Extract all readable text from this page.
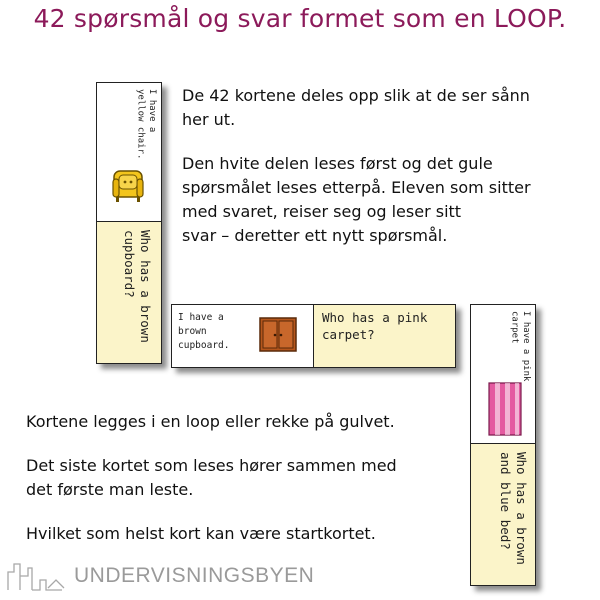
42 spørsmål og svar formet som en LOOP.
I have a
yellow chair.
Who has a brown
cupboard?
De 42 kortene deles opp slik at de ser sånn
her ut.
Den hvite delen leses først og det gule
spørsmålet leses etterpå. Eleven som sitter
med svaret, reiser seg og leser sitt
svar – deretter ett nytt spørsmål.
I have a
brown
cupboard.
Who has a pink
carpet?	I have a pink
carpet
Who has a brown
and blue bed?
Kortene legges i en loop eller rekke på gulvet.
Det siste kortet som leses hører sammen med
det første man leste.
Hvilket som helst kort kan være startkortet.
UNDERVISNINGSBYEN
